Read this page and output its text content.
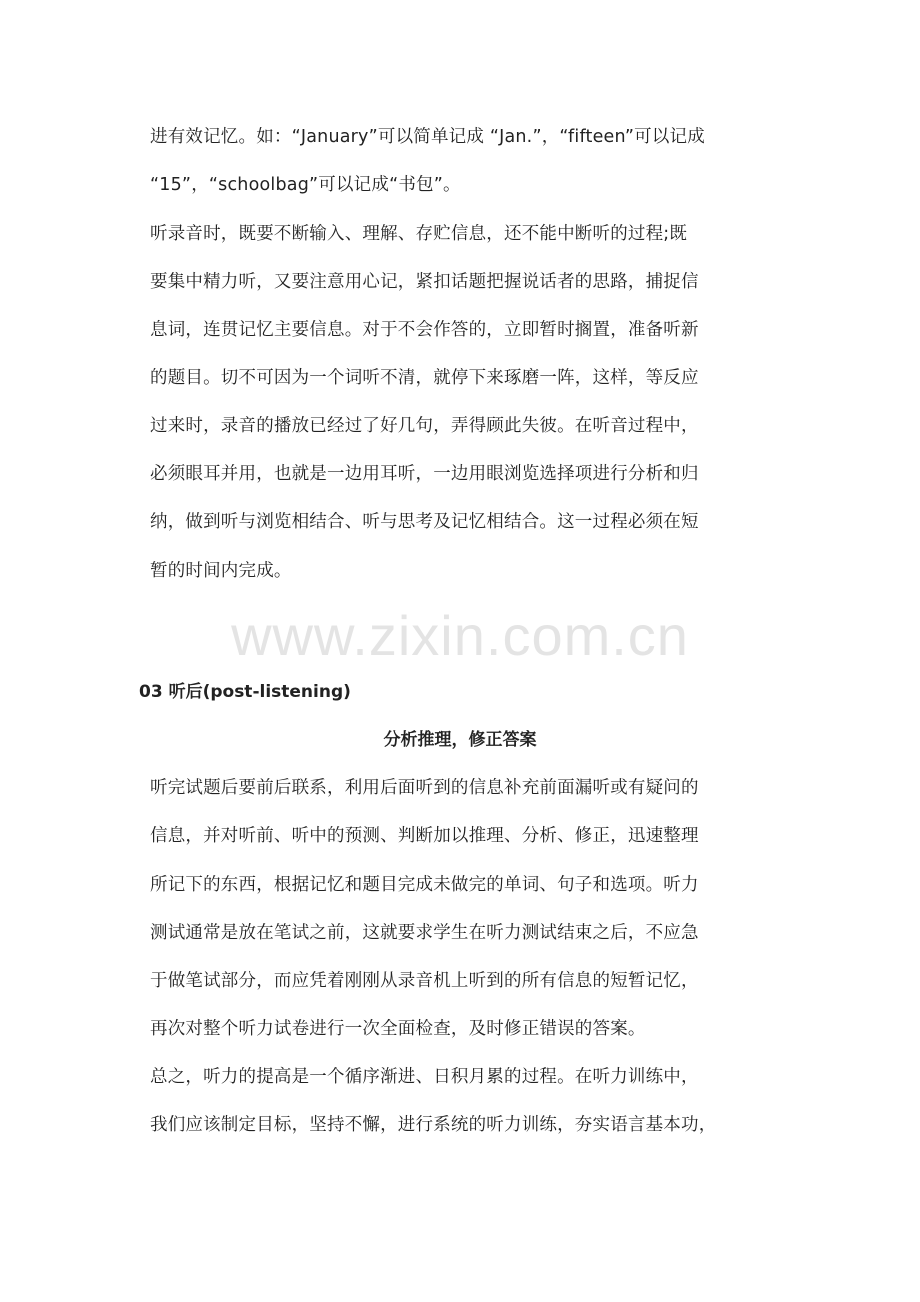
进有效记忆。如：“January”可以简单记成 “Jan.”，“fifteen”可以记成
“15”，“schoolbag”可以记成“书包”。
听录音时，既要不断输入、理解、存贮信息，还不能中断听的过程;既
要集中精力听，又要注意用心记，紧扣话题把握说话者的思路，捕捉信
息词，连贯记忆主要信息。对于不会作答的，立即暂时搁置，准备听新
的题目。切不可因为一个词听不清，就停下来琢磨一阵，这样，等反应
过来时，录音的播放已经过了好几句，弄得顾此失彼。在听音过程中，
必须眼耳并用，也就是一边用耳听，一边用眼浏览选择项进行分析和归
纳，做到听与浏览相结合、听与思考及记忆相结合。这一过程必须在短
暂的时间内完成。
www.zixin.com.cn
03 听后(post-listening)
分析推理，修正答案
听完试题后要前后联系，利用后面听到的信息补充前面漏听或有疑问的
信息，并对听前、听中的预测、判断加以推理、分析、修正，迅速整理
所记下的东西，根据记忆和题目完成未做完的单词、句子和选项。听力
测试通常是放在笔试之前，这就要求学生在听力测试结束之后，不应急
于做笔试部分，而应凭着刚刚从录音机上听到的所有信息的短暂记忆，
再次对整个听力试卷进行一次全面检查，及时修正错误的答案。
总之，听力的提高是一个循序渐进、日积月累的过程。在听力训练中，
我们应该制定目标，坚持不懈，进行系统的听力训练，夯实语言基本功，
